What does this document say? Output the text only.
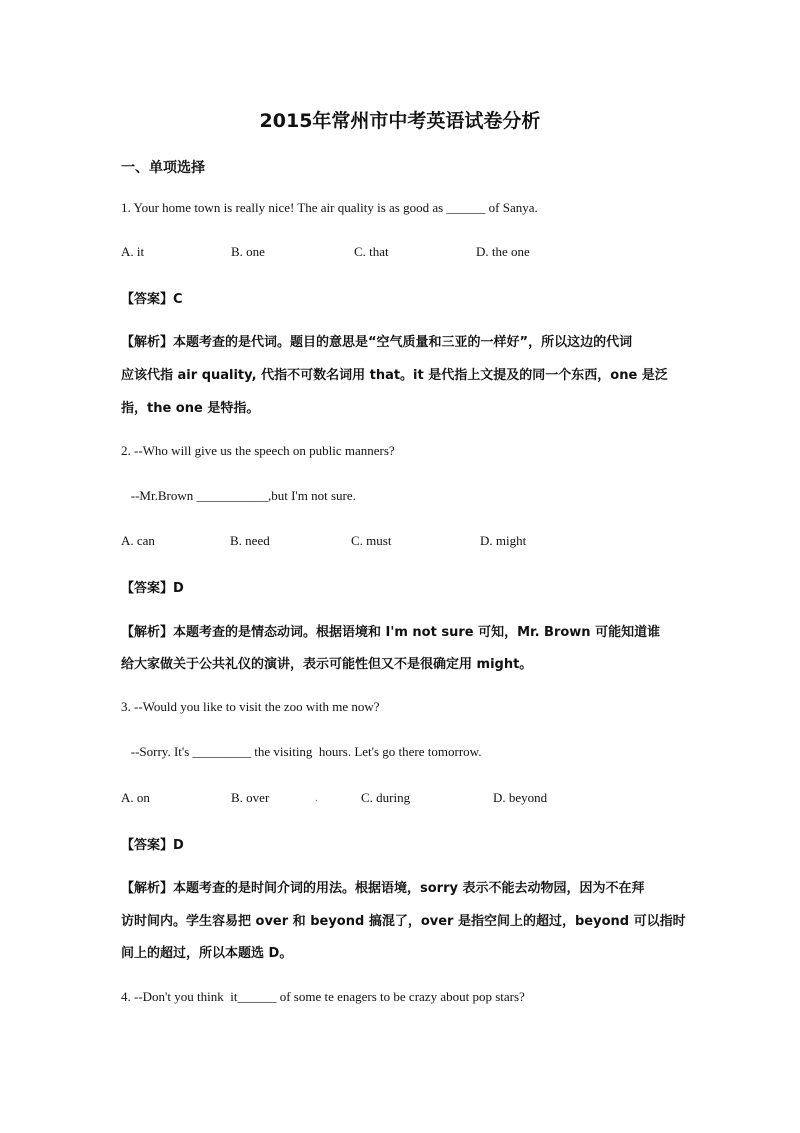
2015年常州市中考英语试卷分析
一、单项选择
1. Your home town is really nice! The air quality is as good as ______ of Sanya.
A. it	B. one	C. that	D. the one
【答案】C
【解析】本题考查的是代词。题目的意思是“空气质量和三亚的一样好”，所以这边的代词
应该代指 air quality, 代指不可数名词用 that。it 是代指上文提及的同一个东西，one 是泛
指，the one 是特指。
2. --Who will give us the speech on public manners?
--Mr.Brown ___________,but I'm not sure.
A. can	B. need	C. must	D. might
【答案】D
【解析】本题考查的是情态动词。根据语境和 I'm not sure 可知，Mr. Brown 可能知道谁
给大家做关于公共礼仪的演讲，表示可能性但又不是很确定用 might。
3. --Would you like to visit the zoo with me now?
--Sorry. It's _________ the visiting  hours. Let's go there tomorrow.
A. on	B. over	.	C. during	D. beyond
【答案】D
【解析】本题考查的是时间介词的用法。根据语境，sorry 表示不能去动物园，因为不在拜
访时间内。学生容易把 over 和 beyond 搞混了，over 是指空间上的超过，beyond 可以指时
间上的超过，所以本题选 D。
4. --Don't you think  it______ of some te enagers to be crazy about pop stars?
